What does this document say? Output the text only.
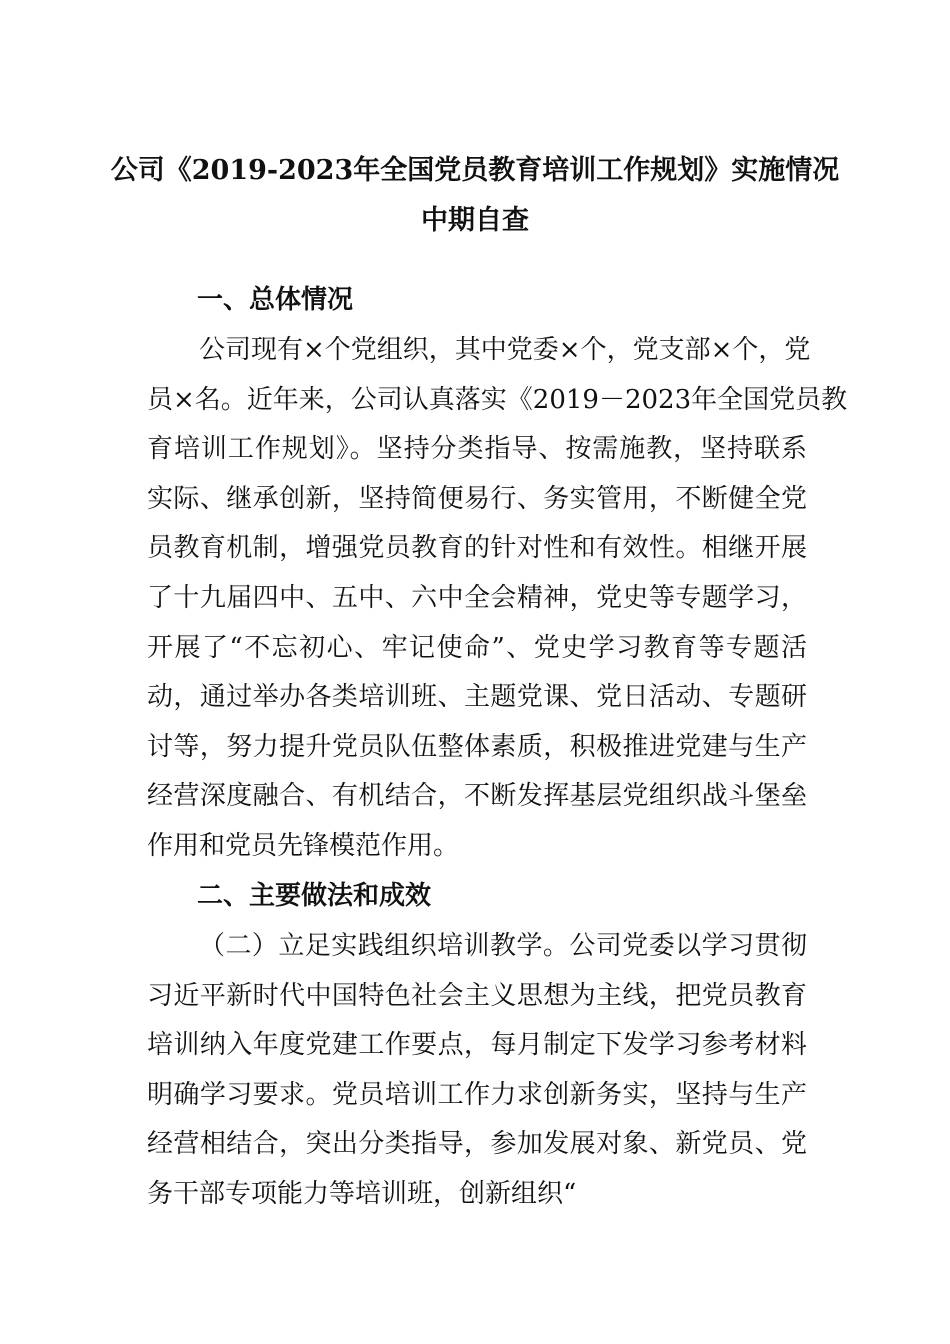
公司《2019-2023年全国党员教育培训工作规划》实施情况
中期自查
一、总体情况
公司现有×个党组织，其中党委×个，党支部×个，党
员×名。近年来，公司认真落实《2019－2023年全国党员教
育培训工作规划》。坚持分类指导、按需施教，坚持联系
实际、继承创新，坚持简便易行、务实管用，不断健全党
员教育机制，增强党员教育的针对性和有效性。相继开展
了十九届四中、五中、六中全会精神，党史等专题学习，
开展了“不忘初心、牢记使命”、党史学习教育等专题活
动，通过举办各类培训班、主题党课、党日活动、专题研
讨等，努力提升党员队伍整体素质，积极推进党建与生产
经营深度融合、有机结合，不断发挥基层党组织战斗堡垒
作用和党员先锋模范作用。
二、主要做法和成效
（二）立足实践组织培训教学。公司党委以学习贯彻
习近平新时代中国特色社会主义思想为主线，把党员教育
培训纳入年度党建工作要点，每月制定下发学习参考材料
明确学习要求。党员培训工作力求创新务实，坚持与生产
经营相结合，突出分类指导，参加发展对象、新党员、党
务干部专项能力等培训班，创新组织“
